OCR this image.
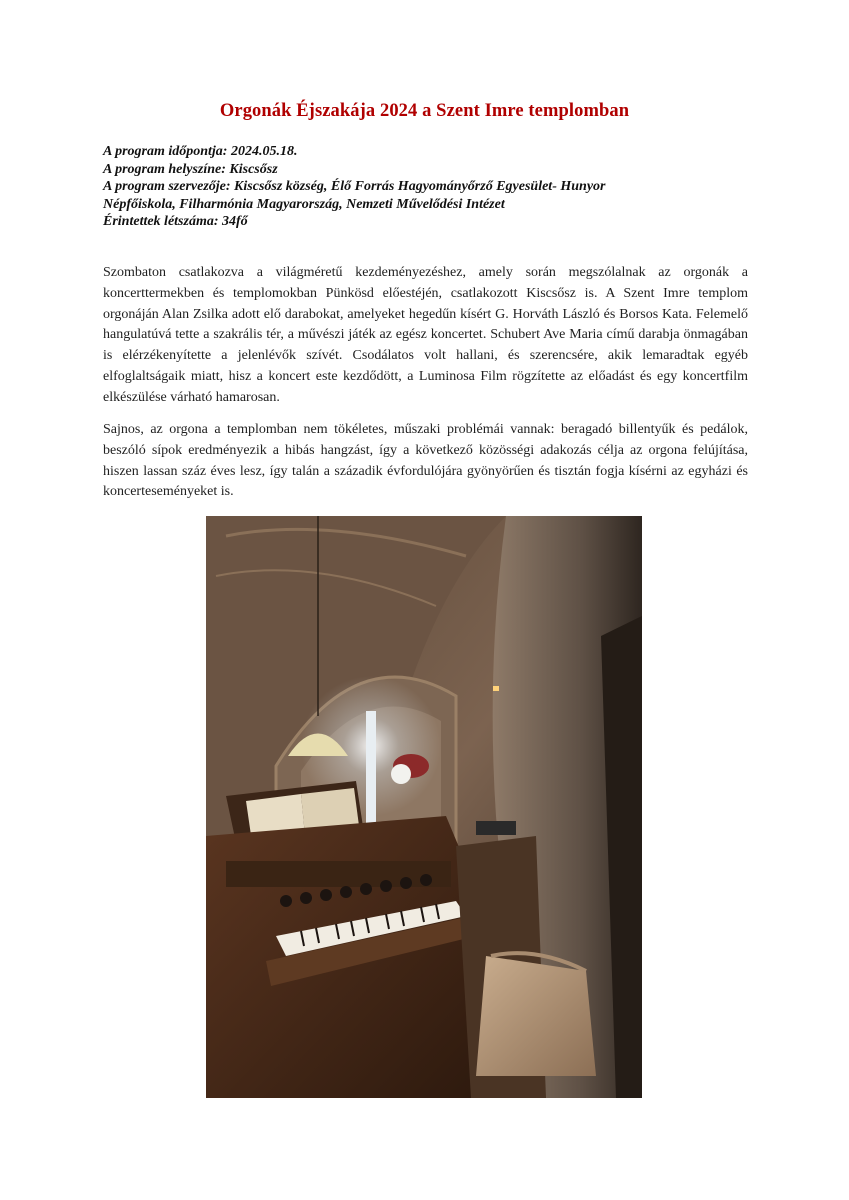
Orgonák Éjszakája 2024 a Szent Imre templomban
A program időpontja: 2024.05.18.
A program helyszíne: Kiscsősz
A program szervezője: Kiscsősz község, Élő Forrás Hagyományőrző Egyesület- Hunyor
Népfőiskola, Filharmónia Magyarország, Nemzeti Művelődési Intézet
Érintettek létszáma: 34fő

Szombaton csatlakozva a világméretű kezdeményezéshez, amely során megszólalnak az orgonák a koncerttermekben és templomokban Pünkösd előestéjén, csatlakozott Kiscsősz is. A Szent Imre templom orgonáján Alan Zsilka adott elő darabokat, amelyeket hegedűn kísért G. Horváth László és Borsos Kata. Felemelő hangulatúvá tette a szakrális tér, a művészi játék az egész koncertet. Schubert Ave Maria című darabja önmagában is elérzékenyítette a jelenlévők szívét. Csodálatos volt hallani, és szerencsére, akik lemaradtak egyéb elfoglaltságaik miatt, hisz a koncert este kezdődött, a Luminosa Film rögzítette az előadást és egy koncertfilm elkészülése várható hamarosan.

Sajnos, az orgona a templomban nem tökéletes, műszaki problémái vannak: beragadó billentyűk és pedálok, beszóló sípok eredményezik a hibás hangzást, így a következő közösségi adakozás célja az orgona felújítása, hiszen lassan száz éves lesz, így talán a századik évfordulójára gyönyörűen és tisztán fogja kísérni az egyházi és koncerteseményeket is.
